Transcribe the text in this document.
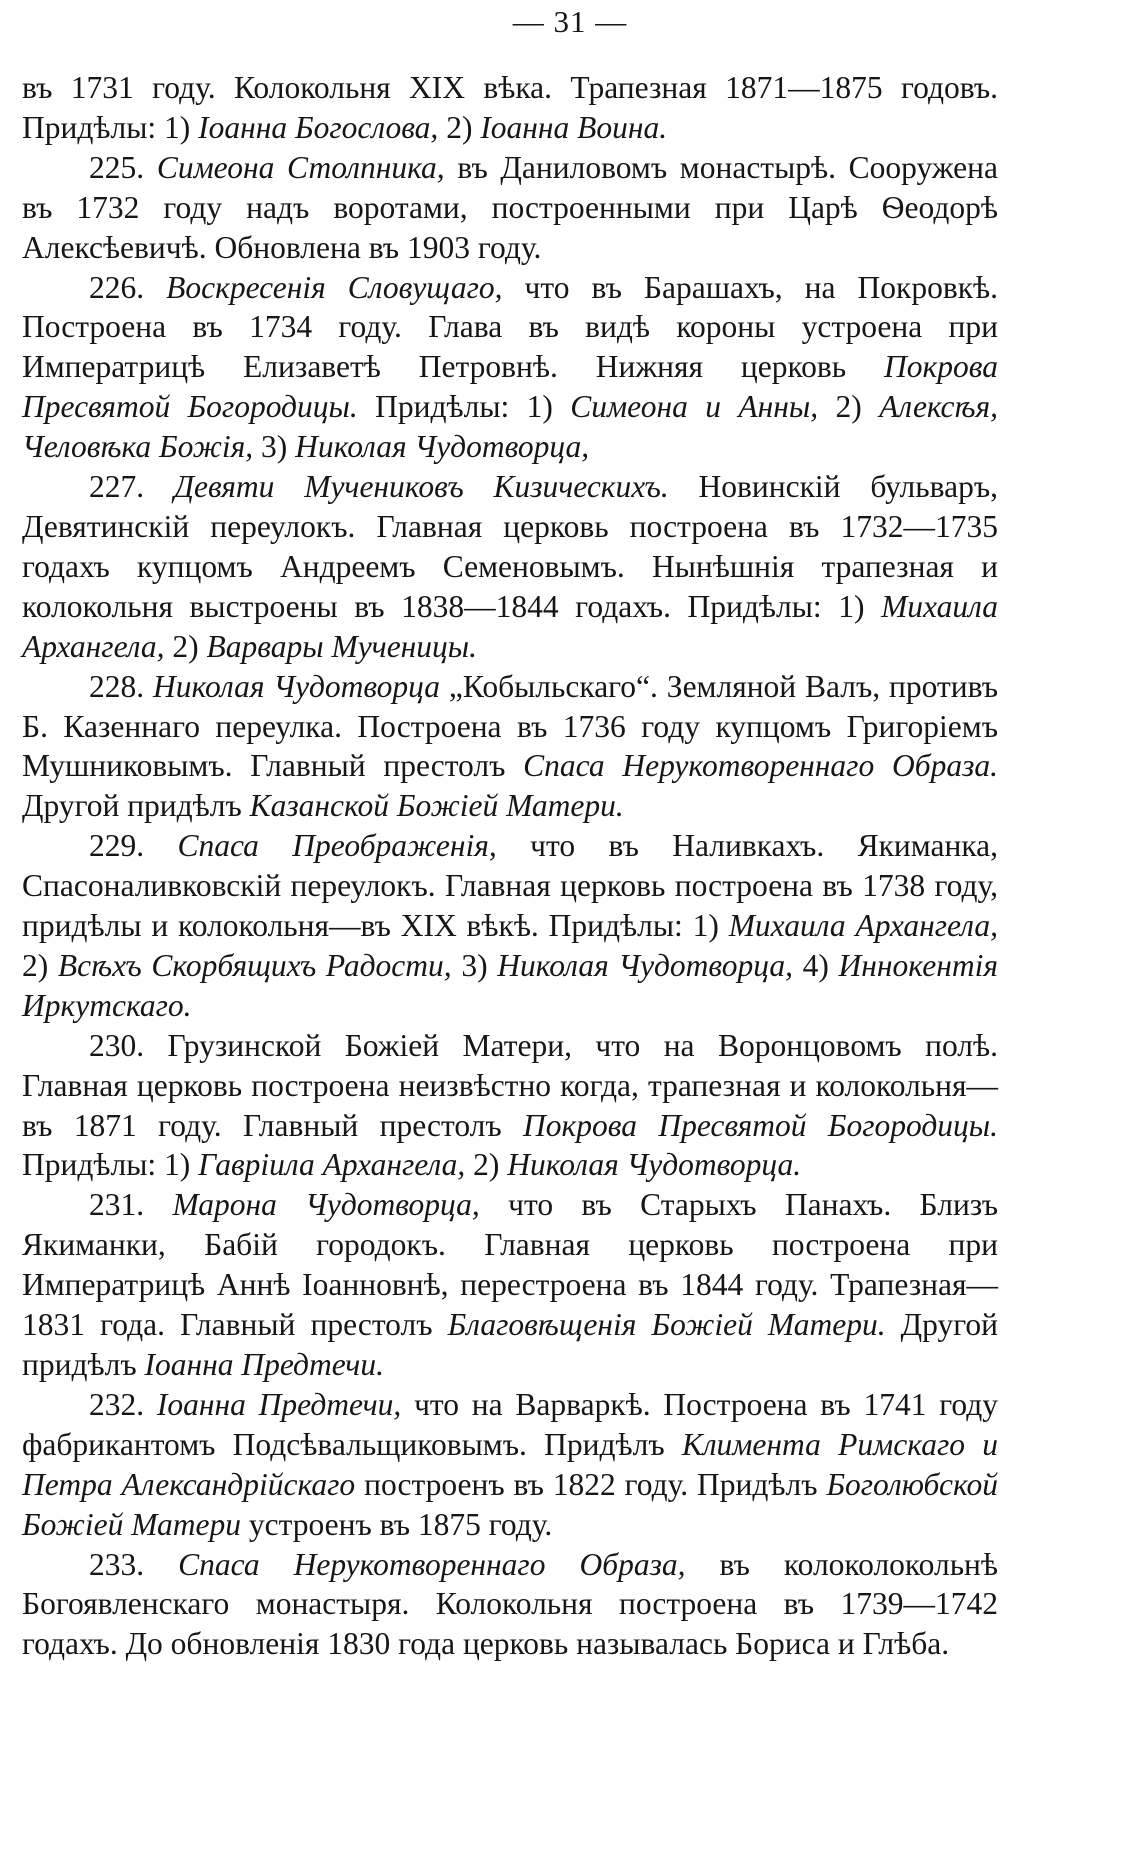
— 31 —

въ 1731 году. Колокольня XIX вѣка. Трапезная 1871—1875 годовъ. Придѣлы: 1) Іоанна Богослова, 2) Іоанна Воина.

225. Симеона Столпника, въ Даниловомъ монастырѣ. Сооружена въ 1732 году надъ воротами, построенными при Царѣ Ѳеодорѣ Алексѣевичѣ. Обновлена въ 1903 году.

226. Воскресенія Словущаго, что въ Барашахъ, на Покровкѣ. Построена въ 1734 году. Глава въ видѣ короны устроена при Императрицѣ Елизаветѣ Петровнѣ. Нижняя церковь Покрова Пресвятой Богородицы. Придѣлы: 1) Симеона и Анны, 2) Алексѣя, Человѣка Божія, 3) Николая Чудотворца,

227. Девяти Мучениковъ Кизическихъ. Новинскій бульваръ, Девятинскій переулокъ. Главная церковь построена въ 1732—1735 годахъ купцомъ Андреемъ Семеновымъ. Нынѣшнія трапезная и колокольня выстроены въ 1838—1844 годахъ. Придѣлы: 1) Михаила Архангела, 2) Варвары Мученицы.

228. Николая Чудотворца „Кобыльскаго“. Земляной Валъ, противъ Б. Казеннаго переулка. Построена въ 1736 году купцомъ Григоріемъ Мушниковымъ. Главный престолъ Спаса Нерукотвореннаго Образа. Другой придѣлъ Казанской Божіей Матери.

229. Спаса Преображенія, что въ Наливкахъ. Якиманка, Спасоналивковскій переулокъ. Главная церковь построена въ 1738 году, придѣлы и колокольня—въ XIX вѣкѣ. Придѣлы: 1) Михаила Архангела, 2) Всѣхъ Скорбящихъ Радости, 3) Николая Чудотворца, 4) Иннокентія Иркутскаго.

230. Грузинской Божіей Матери, что на Воронцовомъ полѣ. Главная церковь построена неизвѣстно когда, трапезная и колокольня—въ 1871 году. Главный престолъ Покрова Пресвятой Богородицы. Придѣлы: 1) Гавріила Архангела, 2) Николая Чудотворца.

231. Марона Чудотворца, что въ Старыхъ Панахъ. Близъ Якиманки, Бабій городокъ. Главная церковь построена при Императрицѣ Аннѣ Іоанновнѣ, перестроена въ 1844 году. Трапезная—1831 года. Главный престолъ Благовѣщенія Божіей Матери. Другой придѣлъ Іоанна Предтечи.

232. Іоанна Предтечи, что на Варваркѣ. Построена въ 1741 году фабрикантомъ Подсѣвальщиковымъ. Придѣлъ Климента Римскаго и Петра Александрійскаго построенъ въ 1822 году. Придѣлъ Боголюбской Божіей Матери устроенъ въ 1875 году.

233. Спаса Нерукотвореннаго Образа, въ колоколокольнѣ Богоявленскаго монастыря. Колокольня построена въ 1739—1742 годахъ. До обновленія 1830 года церковь называлась Бориса и Глѣба.
